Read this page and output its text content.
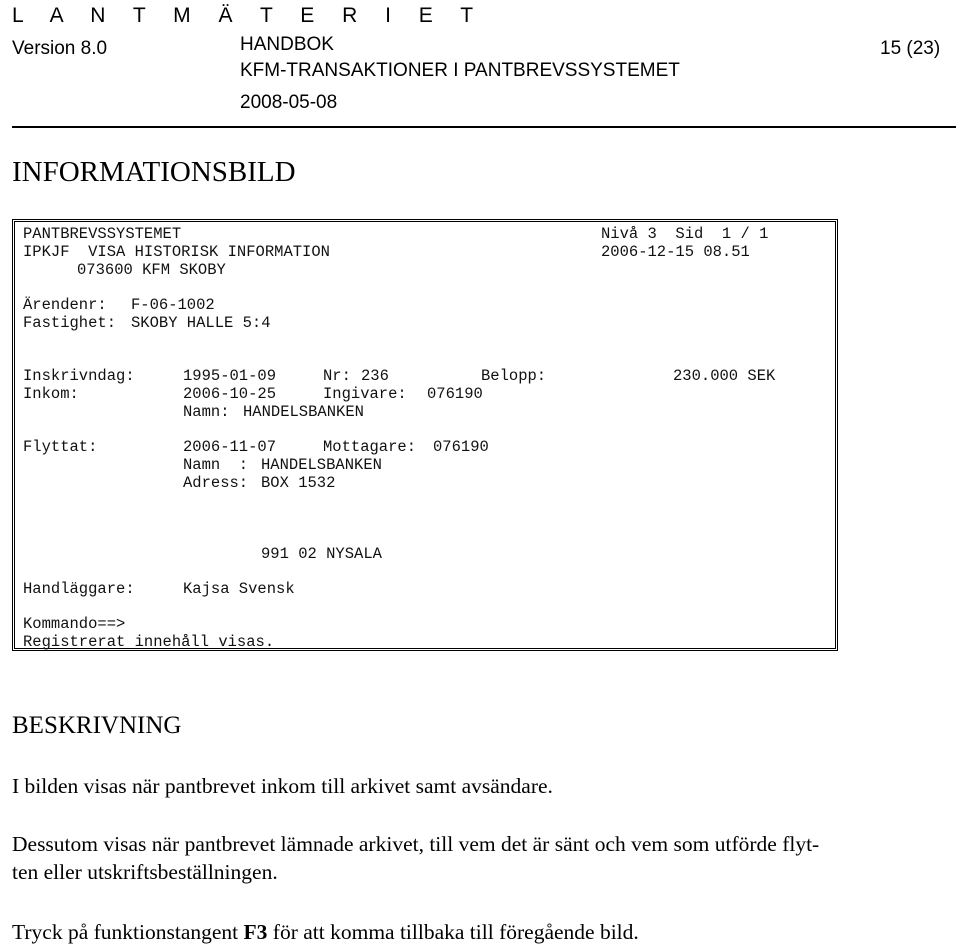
L A N T M Ä T E R I E T
Version 8.0	HANDBOK
KFM-TRANSAKTIONER I PANTBREVSSYSTEMET
2008-05-08
15 (23)
INFORMATIONSBILD
PANTBREVSSYSTEMET	Nivå 3  Sid  1 / 1
IPKJF  VISA HISTORISK INFORMATION	2006-12-15 08.51
073600 KFM SKOBY
Ärendenr: F-06-1002
Fastighet: SKOBY HALLE 5:4
Inskrivndag:	1995-01-09	Nr: 236	Belopp:	230.000 SEK
Inkom:	2006-10-25	Ingivare: 076190
Namn: HANDELSBANKEN
Flyttat:	2006-11-07	Mottagare: 076190
Namn  : HANDELSBANKEN
Adress: BOX 1532
991 02 NYSALA
Handläggare:	Kajsa Svensk
Kommando==>
Registrerat innehåll visas.
BESKRIVNING

I bilden visas när pantbrevet inkom till arkivet samt avsändare.

Dessutom visas när pantbrevet lämnade arkivet, till vem det är sänt och vem som utförde flyt-

ten eller utskriftsbeställningen.

Tryck på funktionstangent F3 för att komma tillbaka till föregående bild.
